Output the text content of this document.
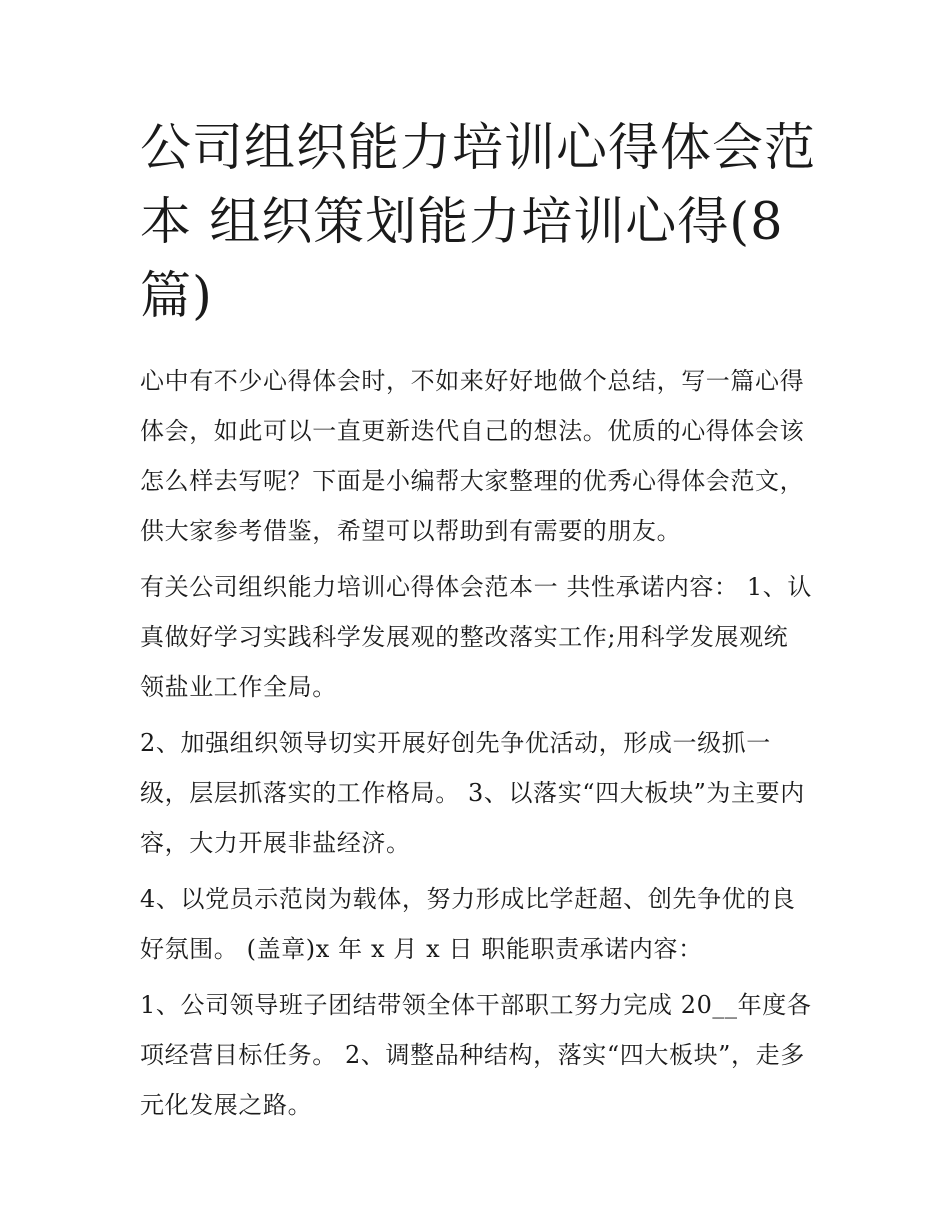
公司组织能力培训心得体会范
本 组织策划能力培训心得(8
篇)

心中有不少心得体会时，不如来好好地做个总结，写一篇心得
体会，如此可以一直更新迭代自己的想法。优质的心得体会该
怎么样去写呢？下面是小编帮大家整理的优秀心得体会范文，
供大家参考借鉴，希望可以帮助到有需要的朋友。

有关公司组织能力培训心得体会范本一 共性承诺内容： 1、认
真做好学习实践科学发展观的整改落实工作;用科学发展观统
领盐业工作全局。

2、加强组织领导切实开展好创先争优活动，形成一级抓一
级，层层抓落实的工作格局。 3、以落实“四大板块”为主要内
容，大力开展非盐经济。

4、以党员示范岗为载体，努力形成比学赶超、创先争优的良
好氛围。 (盖章)x 年 x 月 x 日 职能职责承诺内容：

1、公司领导班子团结带领全体干部职工努力完成 20__年度各
项经营目标任务。 2、调整品种结构，落实“四大板块”，走多
元化发展之路。
